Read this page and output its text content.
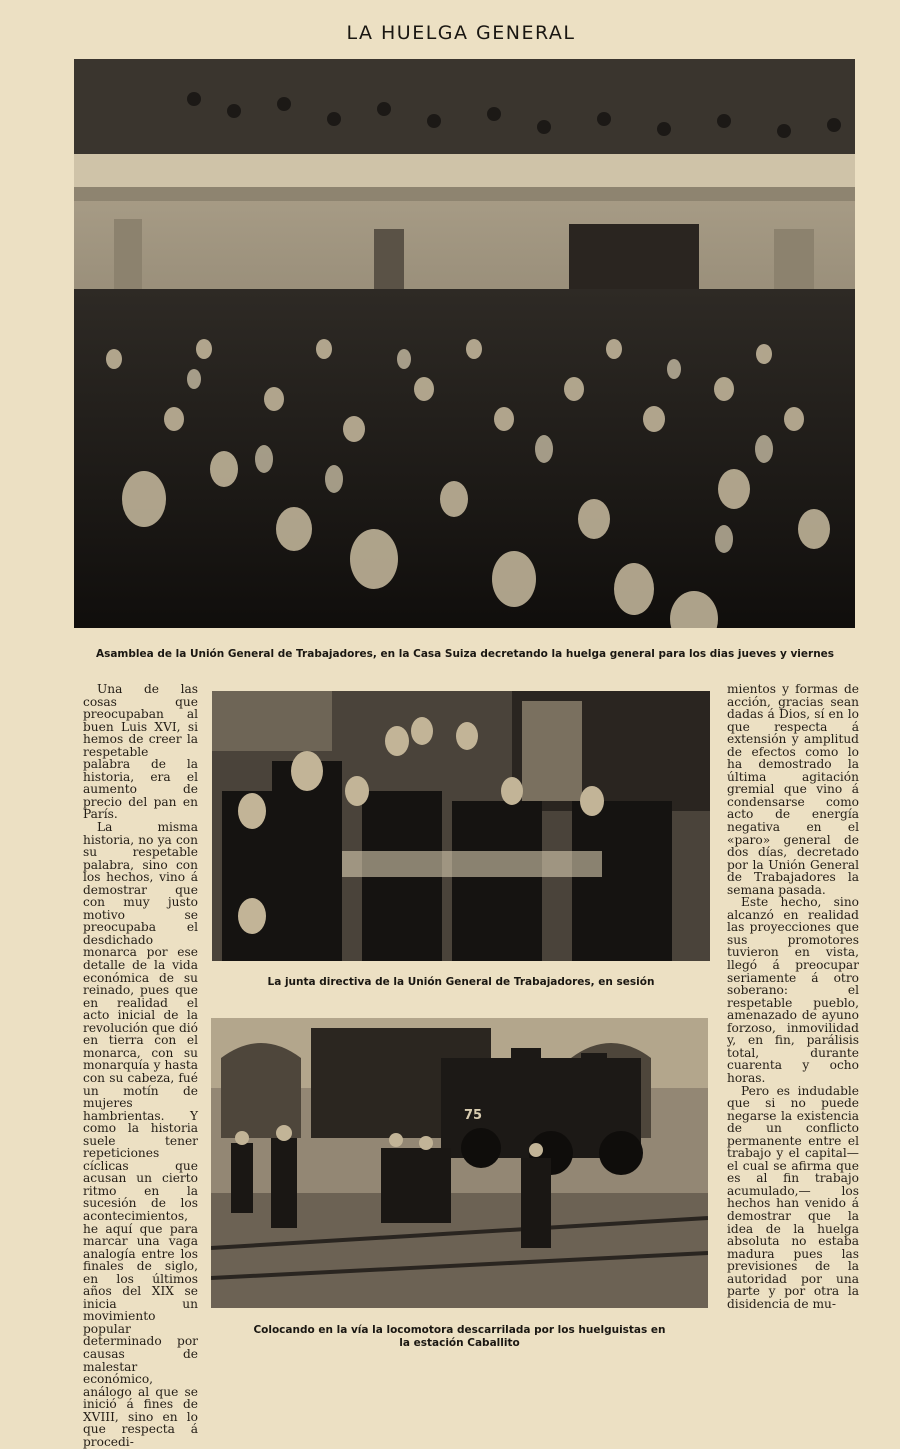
LA HUELGA GENERAL
Asamblea de la Unión General de Trabajadores, en la Casa Suiza decretando la huelga general para los dias jueves y viernes

Una de las cosas que preocupaban al buen Luis XVI, si hemos de creer la respetable palabra de la historia, era el aumento de precio del pan en París.

La misma historia, no ya con su respetable palabra, sino con los hechos, vino á demostrar que con muy justo motivo se preocupaba el desdichado monarca por ese detalle de la vida económica de su reinado, pues que en realidad el acto inicial de la revolución que dió en tierra con el monarca, con su monarquía y hasta con su cabeza, fué un motín de mujeres hambrientas. Y como la historia suele tener repeticiones cíclicas que acusan un cierto ritmo en la sucesión de los acontecimientos, he aquí que para marcar una vaga analogía entre los finales de siglo, en los últimos años del XIX se inicia un movimiento popular determinado por causas de malestar económico, análogo al que se inició á fines de XVIII, sino en lo que respecta á procedi-

La junta directiva de la Unión General de Trabajadores, en sesión
75
Colocando en la vía la locomotora descarrilada por los huelguistas en
la estación Caballito

mientos y formas de acción, gracias sean dadas á Dios, sí en lo que respecta á extensión y amplitud de efectos como lo ha demostrado la última agitación gremial que vino á condensarse como acto de energía negativa en el «paro» general de dos días, decretado por la Unión General de Trabajadores la semana pasada.

Este hecho, sino alcanzó en realidad las proyecciones que sus promotores tuvieron en vista, llegó á preocupar seriamente á otro soberano: el respetable pueblo, amenazado de ayuno forzoso, inmovilidad y, en fin, parálisis total, durante cuarenta y ocho horas.

Pero es indudable que si no puede negarse la existencia de un conflicto permanente entre el trabajo y el capital—el cual se afirma que es al fin trabajo acumulado,— los hechos han venido á demostrar que la idea de la huelga absoluta no estaba madura pues las previsiones de la autoridad por una parte y por otra la disidencia de mu-
